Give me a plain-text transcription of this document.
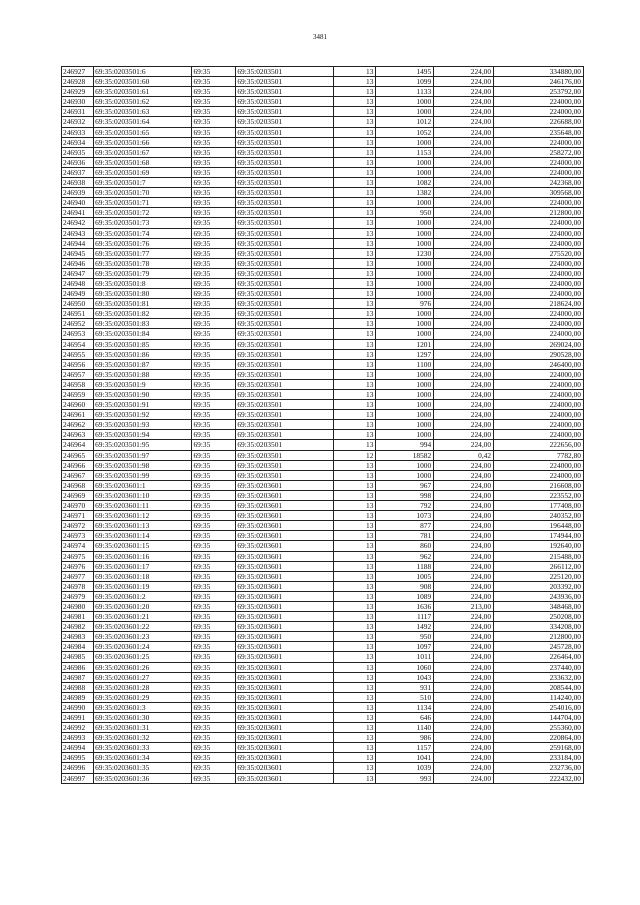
3481
246927	69:35:0203501:6	69:35	69:35:0203501	13	1495	224,00	334880,00
246928	69:35:0203501:60	69:35	69:35:0203501	13	1099	224,00	246176,00
246929	69:35:0203501:61	69:35	69:35:0203501	13	1133	224,00	253792,00
246930	69:35:0203501:62	69:35	69:35:0203501	13	1000	224,00	224000,00
246931	69:35:0203501:63	69:35	69:35:0203501	13	1000	224,00	224000,00
246932	69:35:0203501:64	69:35	69:35:0203501	13	1012	224,00	226688,00
246933	69:35:0203501:65	69:35	69:35:0203501	13	1052	224,00	235648,00
246934	69:35:0203501:66	69:35	69:35:0203501	13	1000	224,00	224000,00
246935	69:35:0203501:67	69:35	69:35:0203501	13	1153	224,00	258272,00
246936	69:35:0203501:68	69:35	69:35:0203501	13	1000	224,00	224000,00
246937	69:35:0203501:69	69:35	69:35:0203501	13	1000	224,00	224000,00
246938	69:35:0203501:7	69:35	69:35:0203501	13	1082	224,00	242368,00
246939	69:35:0203501:70	69:35	69:35:0203501	13	1382	224,00	309568,00
246940	69:35:0203501:71	69:35	69:35:0203501	13	1000	224,00	224000,00
246941	69:35:0203501:72	69:35	69:35:0203501	13	950	224,00	212800,00
246942	69:35:0203501:73	69:35	69:35:0203501	13	1000	224,00	224000,00
246943	69:35:0203501:74	69:35	69:35:0203501	13	1000	224,00	224000,00
246944	69:35:0203501:76	69:35	69:35:0203501	13	1000	224,00	224000,00
246945	69:35:0203501:77	69:35	69:35:0203501	13	1230	224,00	275520,00
246946	69:35:0203501:78	69:35	69:35:0203501	13	1000	224,00	224000,00
246947	69:35:0203501:79	69:35	69:35:0203501	13	1000	224,00	224000,00
246948	69:35:0203501:8	69:35	69:35:0203501	13	1000	224,00	224000,00
246949	69:35:0203501:80	69:35	69:35:0203501	13	1000	224,00	224000,00
246950	69:35:0203501:81	69:35	69:35:0203501	13	976	224,00	218624,00
246951	69:35:0203501:82	69:35	69:35:0203501	13	1000	224,00	224000,00
246952	69:35:0203501:83	69:35	69:35:0203501	13	1000	224,00	224000,00
246953	69:35:0203501:84	69:35	69:35:0203501	13	1000	224,00	224000,00
246954	69:35:0203501:85	69:35	69:35:0203501	13	1201	224,00	269024,00
246955	69:35:0203501:86	69:35	69:35:0203501	13	1297	224,00	290528,00
246956	69:35:0203501:87	69:35	69:35:0203501	13	1100	224,00	246400,00
246957	69:35:0203501:88	69:35	69:35:0203501	13	1000	224,00	224000,00
246958	69:35:0203501:9	69:35	69:35:0203501	13	1000	224,00	224000,00
246959	69:35:0203501:90	69:35	69:35:0203501	13	1000	224,00	224000,00
246960	69:35:0203501:91	69:35	69:35:0203501	13	1000	224,00	224000,00
246961	69:35:0203501:92	69:35	69:35:0203501	13	1000	224,00	224000,00
246962	69:35:0203501:93	69:35	69:35:0203501	13	1000	224,00	224000,00
246963	69:35:0203501:94	69:35	69:35:0203501	13	1000	224,00	224000,00
246964	69:35:0203501:95	69:35	69:35:0203501	13	994	224,00	222656,00
246965	69:35:0203501:97	69:35	69:35:0203501	12	18582	0,42	7782,80
246966	69:35:0203501:98	69:35	69:35:0203501	13	1000	224,00	224000,00
246967	69:35:0203501:99	69:35	69:35:0203501	13	1000	224,00	224000,00
246968	69:35:0203601:1	69:35	69:35:0203601	13	967	224,00	216608,00
246969	69:35:0203601:10	69:35	69:35:0203601	13	998	224,00	223552,00
246970	69:35:0203601:11	69:35	69:35:0203601	13	792	224,00	177408,00
246971	69:35:0203601:12	69:35	69:35:0203601	13	1073	224,00	240352,00
246972	69:35:0203601:13	69:35	69:35:0203601	13	877	224,00	196448,00
246973	69:35:0203601:14	69:35	69:35:0203601	13	781	224,00	174944,00
246974	69:35:0203601:15	69:35	69:35:0203601	13	860	224,00	192640,00
246975	69:35:0203601:16	69:35	69:35:0203601	13	962	224,00	215488,00
246976	69:35:0203601:17	69:35	69:35:0203601	13	1188	224,00	266112,00
246977	69:35:0203601:18	69:35	69:35:0203601	13	1005	224,00	225120,00
246978	69:35:0203601:19	69:35	69:35:0203601	13	908	224,00	203392,00
246979	69:35:0203601:2	69:35	69:35:0203601	13	1089	224,00	243936,00
246980	69:35:0203601:20	69:35	69:35:0203601	13	1636	213,00	348468,00
246981	69:35:0203601:21	69:35	69:35:0203601	13	1117	224,00	250208,00
246982	69:35:0203601:22	69:35	69:35:0203601	13	1492	224,00	334208,00
246983	69:35:0203601:23	69:35	69:35:0203601	13	950	224,00	212800,00
246984	69:35:0203601:24	69:35	69:35:0203601	13	1097	224,00	245728,00
246985	69:35:0203601:25	69:35	69:35:0203601	13	1011	224,00	226464,00
246986	69:35:0203601:26	69:35	69:35:0203601	13	1060	224,00	237440,00
246987	69:35:0203601:27	69:35	69:35:0203601	13	1043	224,00	233632,00
246988	69:35:0203601:28	69:35	69:35:0203601	13	931	224,00	208544,00
246989	69:35:0203601:29	69:35	69:35:0203601	13	510	224,00	114240,00
246990	69:35:0203601:3	69:35	69:35:0203601	13	1134	224,00	254016,00
246991	69:35:0203601:30	69:35	69:35:0203601	13	646	224,00	144704,00
246992	69:35:0203601:31	69:35	69:35:0203601	13	1140	224,00	255360,00
246993	69:35:0203601:32	69:35	69:35:0203601	13	986	224,00	220864,00
246994	69:35:0203601:33	69:35	69:35:0203601	13	1157	224,00	259168,00
246995	69:35:0203601:34	69:35	69:35:0203601	13	1041	224,00	233184,00
246996	69:35:0203601:35	69:35	69:35:0203601	13	1039	224,00	232736,00
246997	69:35:0203601:36	69:35	69:35:0203601	13	993	224,00	222432,00
